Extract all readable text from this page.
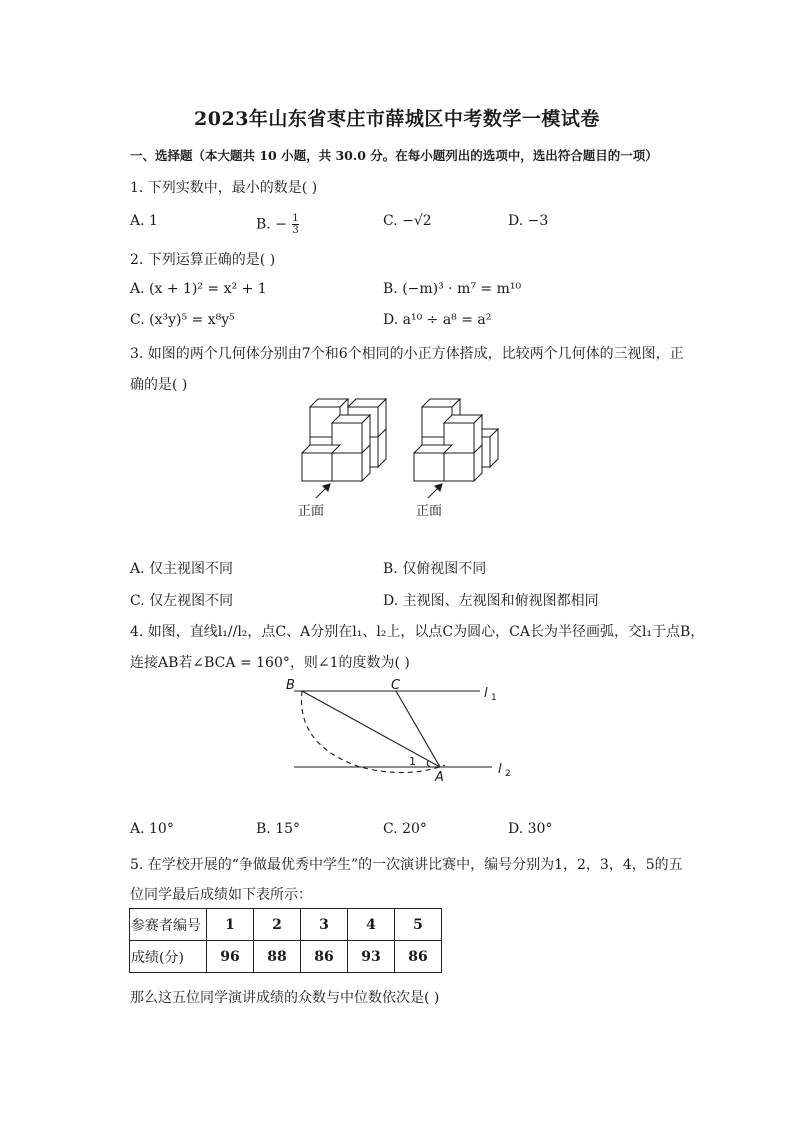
2023年山东省枣庄市薛城区中考数学一模试卷
一、选择题（本大题共 10 小题，共 30.0 分。在每小题列出的选项中，选出符合题目的一项）
1. 下列实数中，最小的数是( )
A. 1	B. − $\frac{1}{3}$	C. −√2	D. −3
2. 下列运算正确的是( )
A. (x + 1)² = x² + 1	B. (−m)³ · m⁷ = m¹⁰
C. (x³y)⁵ = x⁸y⁵	D. a¹⁰ ÷ a⁸ = a²
3. 如图的两个几何体分别由7个和6个相同的小正方体搭成，比较两个几何体的三视图，正
确的是( )
正面	正面
A. 仅主视图不同	B. 仅俯视图不同
C. 仅左视图不同	D. 主视图、左视图和俯视图都相同
4. 如图，直线l₁//l₂，点C、A分别在l₁、l₂上，以点C为圆心，CA长为半径画弧，交l₁于点B，
连接AB若∠BCA = 160°，则∠1的度数为( )
B	C
A
1
l 1
l 2
A. 10°	B. 15°	C. 20°	D. 30°
5. 在学校开展的“争做最优秀中学生”的一次演讲比赛中，编号分别为1，2，3，4，5的五
位同学最后成绩如下表所示：
参赛者编号	1	2	3	4	5
成绩(分)	96	88	86	93	86
那么这五位同学演讲成绩的众数与中位数依次是( )
